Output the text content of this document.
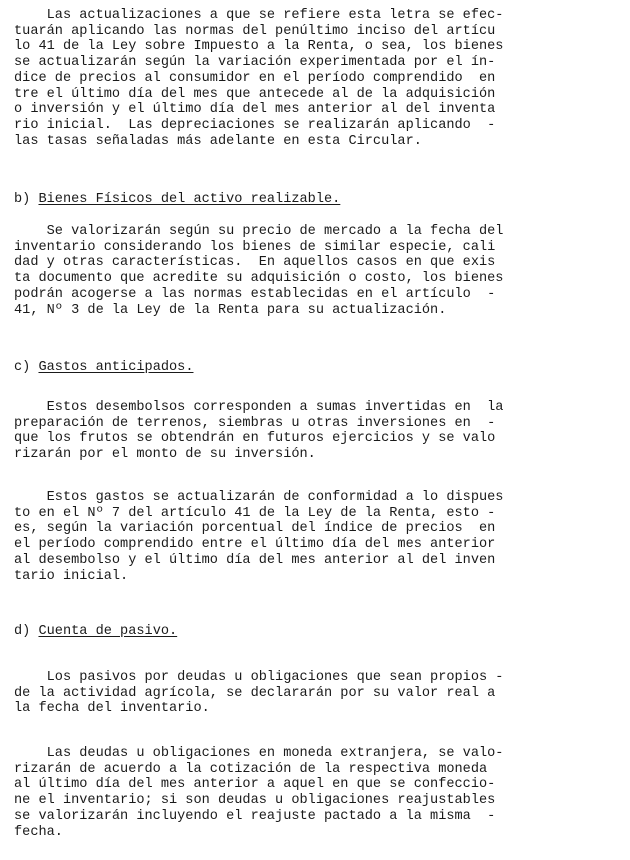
Las actualizaciones a que se refiere esta letra se efec-
tuarán aplicando las normas del penúltimo inciso del artícu
lo 41 de la Ley sobre Impuesto a la Renta, o sea, los bienes
se actualizarán según la variación experimentada por el ín-
dice de precios al consumidor en el período comprendido  en
tre el último día del mes que antecede al de la adquisición
o inversión y el último día del mes anterior al del inventa
rio inicial.  Las depreciaciones se realizarán aplicando  -
las tasas señaladas más adelante en esta Circular.
b) Bienes Físicos del activo realizable.
Se valorizarán según su precio de mercado a la fecha del
inventario considerando los bienes de similar especie, cali
dad y otras características.  En aquellos casos en que exis
ta documento que acredite su adquisición o costo, los bienes
podrán acogerse a las normas establecidas en el artículo  -
41, Nº 3 de la Ley de la Renta para su actualización.
c) Gastos anticipados.
Estos desembolsos corresponden a sumas invertidas en  la
preparación de terrenos, siembras u otras inversiones en  -
que los frutos se obtendrán en futuros ejercicios y se valo
rizarán por el monto de su inversión.
Estos gastos se actualizarán de conformidad a lo dispues
to en el Nº 7 del artículo 41 de la Ley de la Renta, esto -
es, según la variación porcentual del índice de precios  en
el período comprendido entre el último día del mes anterior
al desembolso y el último día del mes anterior al del inven
tario inicial.
d) Cuenta de pasivo.
Los pasivos por deudas u obligaciones que sean propios -
de la actividad agrícola, se declararán por su valor real a
la fecha del inventario.
Las deudas u obligaciones en moneda extranjera, se valo-
rizarán de acuerdo a la cotización de la respectiva moneda
al último día del mes anterior a aquel en que se confeccio-
ne el inventario; si son deudas u obligaciones reajustables
se valorizarán incluyendo el reajuste pactado a la misma  -
fecha.
